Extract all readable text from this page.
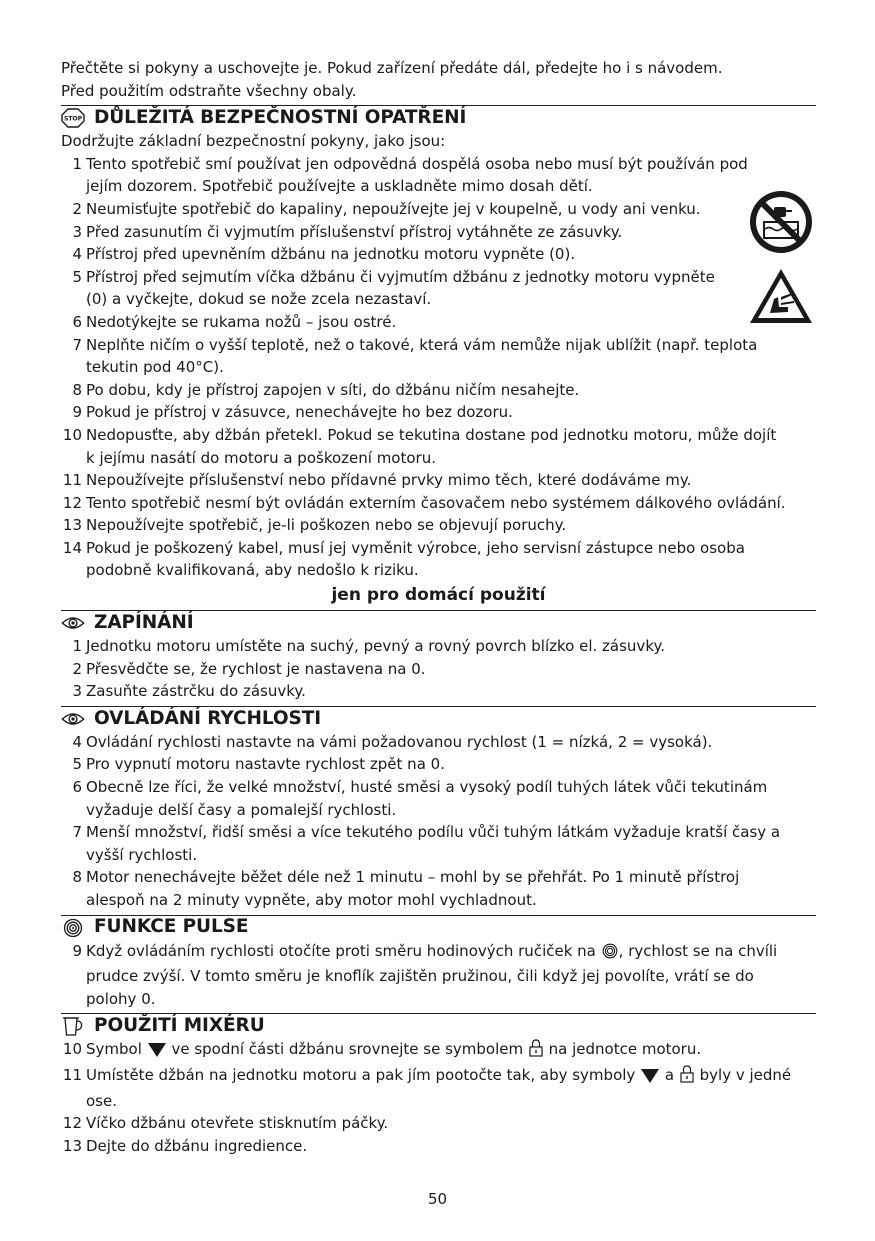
Přečtěte si pokyny a uschovejte je. Pokud zařízení předáte dál, předejte ho i s návodem.

Před použitím odstraňte všechny obaly.

STOP DŮLEŽITÁ BEZPEČNOSTNÍ OPATŘENÍ

Dodržujte základní bezpečnostní pokyny, jako jsou:

1 Tento spotřebič smí používat jen odpovědná dospělá osoba nebo musí být používán pod
jejím dozorem. Spotřebič používejte a uskladněte mimo dosah dětí.
2 Neumisťujte spotřebič do kapaliny, nepoužívejte jej v koupelně, u vody ani venku.
3 Před zasunutím či vyjmutím příslušenství přístroj vytáhněte ze zásuvky.
4 Přístroj před upevněním džbánu na jednotku motoru vypněte (0).
5 Přístroj před sejmutím víčka džbánu či vyjmutím džbánu z jednotky motoru vypněte
(0) a vyčkejte, dokud se nože zcela nezastaví.
6 Nedotýkejte se rukama nožů – jsou ostré.
7 Neplňte ničím o vyšší teplotě, než o takové, která vám nemůže nijak ublížit (např. teplota
tekutin pod 40°C).
8 Po dobu, kdy je přístroj zapojen v síti, do džbánu ničím nesahejte.
9 Pokud je přístroj v zásuvce, nenechávejte ho bez dozoru.
10 Nedopusťte, aby džbán přetekl. Pokud se tekutina dostane pod jednotku motoru, může dojít
k jejímu nasátí do motoru a poškození motoru.
11 Nepoužívejte příslušenství nebo přídavné prvky mimo těch, které dodáváme my.
12 Tento spotřebič nesmí být ovládán externím časovačem nebo systémem dálkového ovládání.
13 Nepoužívejte spotřebič, je-li poškozen nebo se objevují poruchy.
14 Pokud je poškozený kabel, musí jej vyměnit výrobce, jeho servisní zástupce nebo osoba
podobně kvalifikovaná, aby nedošlo k riziku.
jen pro domácí použití
ZAPÍNÁNÍ
1 Jednotku motoru umístěte na suchý, pevný a rovný povrch blízko el. zásuvky.
2 Přesvědčte se, že rychlost je nastavena na 0.
3 Zasuňte zástrčku do zásuvky.
OVLÁDÁNÍ RYCHLOSTI
4 Ovládání rychlosti nastavte na vámi požadovanou rychlost (1 = nízká, 2 = vysoká).
5 Pro vypnutí motoru nastavte rychlost zpět na 0.
6 Obecně lze říci, že velké množství, husté směsi a vysoký podíl tuhých látek vůči tekutinám
vyžaduje delší časy a pomalejší rychlosti.
7 Menší množství, řidší směsi a více tekutého podílu vůči tuhým látkám vyžaduje kratší časy a
vyšší rychlosti.
8 Motor nenechávejte běžet déle než 1 minutu – mohl by se přehřát. Po 1 minutě přístroj
alespoň na 2 minuty vypněte, aby motor mohl vychladnout.
FUNKCE PULSE
9 Když ovládáním rychlosti otočíte proti směru hodinových ručiček na , rychlost se na chvíli
prudce zvýší. V tomto směru je knoflík zajištěn pružinou, čili když jej povolíte, vrátí se do
polohy 0.
POUŽITÍ MIXÉRU
10 Symbol ve spodní části džbánu srovnejte se symbolem na jednotce motoru.
11 Umístěte džbán na jednotku motoru a pak jím pootočte tak, aby symboly a byly v jedné
ose.
12 Víčko džbánu otevřete stisknutím páčky.
13 Dejte do džbánu ingredience.
50
